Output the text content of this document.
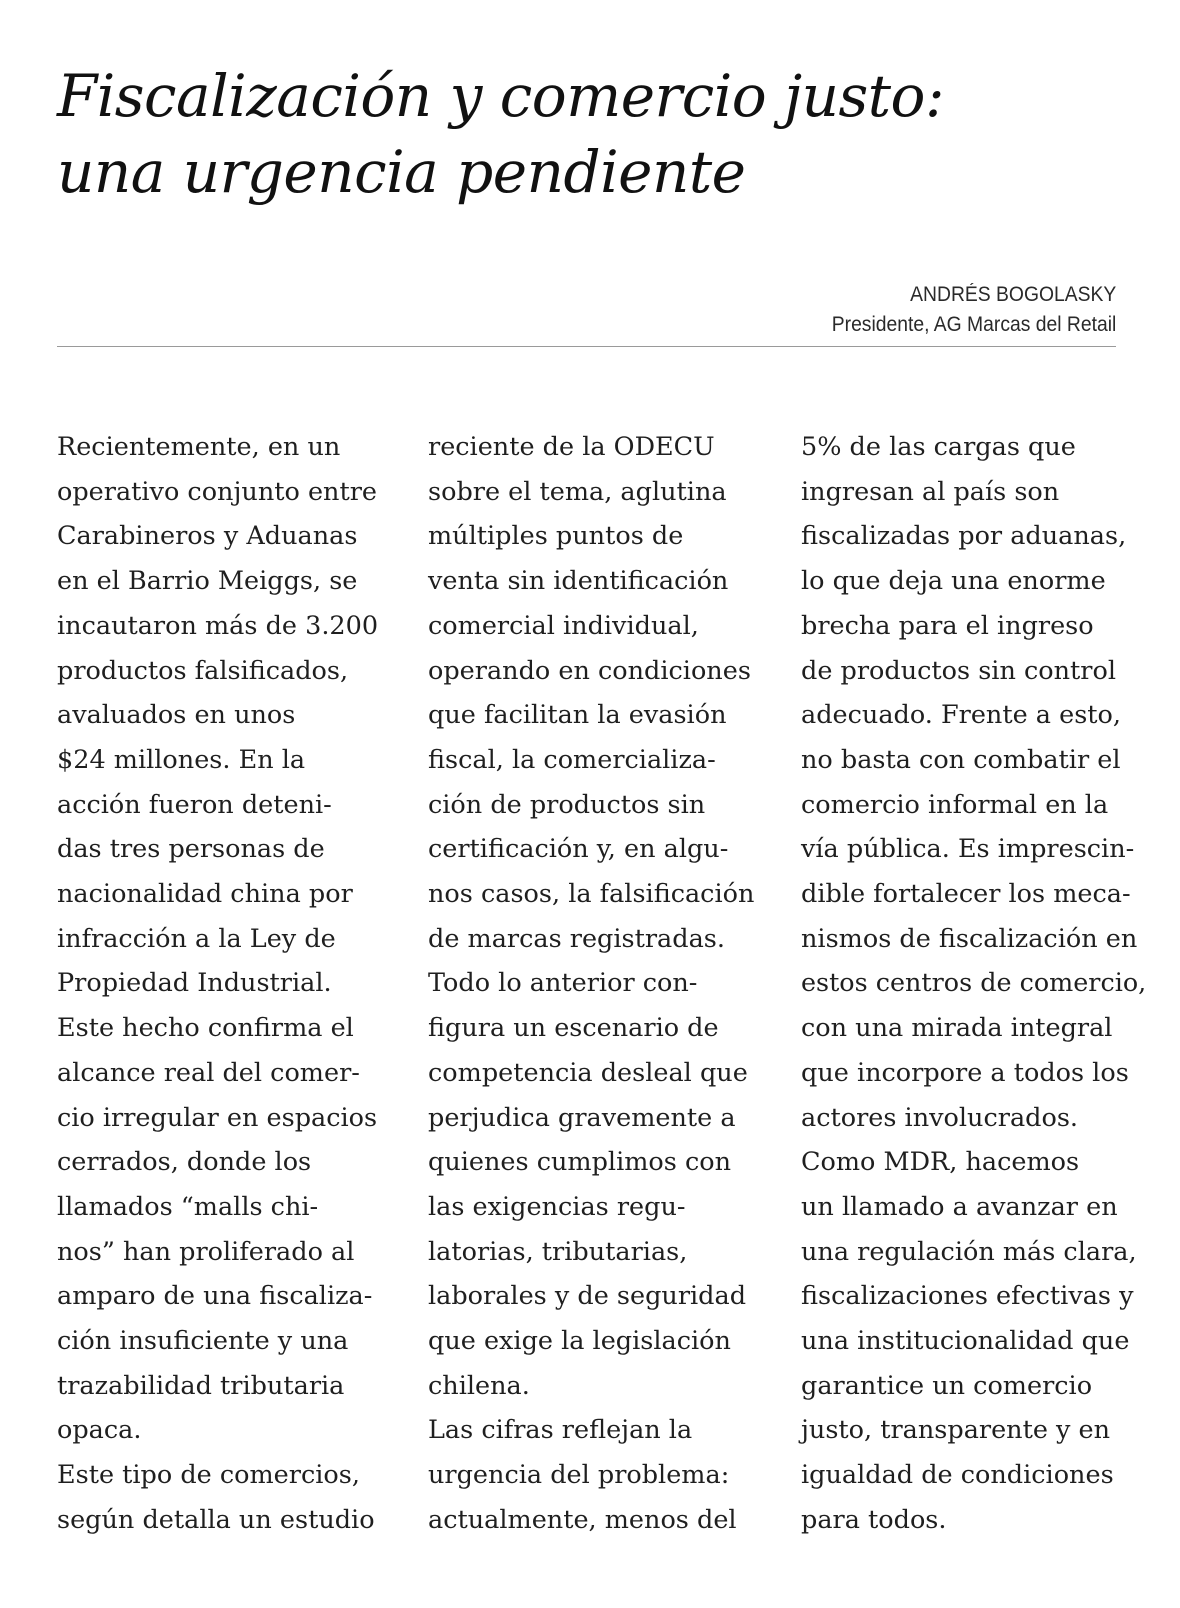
Fiscalización y comercio justo:
una urgencia pendiente
ANDRÉS BOGOLASKY
Presidente, AG Marcas del Retail
Recientemente, en un
operativo conjunto entre
Carabineros y Aduanas
en el Barrio Meiggs, se
incautaron más de 3.200
productos falsificados,
avaluados en unos
$24 millones. En la
acción fueron deteni-
das tres personas de
nacionalidad china por
infracción a la Ley de
Propiedad Industrial.
Este hecho confirma el
alcance real del comer-
cio irregular en espacios
cerrados, donde los
llamados “malls chi-
nos” han proliferado al
amparo de una fiscaliza-
ción insuficiente y una
trazabilidad tributaria
opaca.
Este tipo de comercios,
según detalla un estudio
reciente de la ODECU
sobre el tema, aglutina
múltiples puntos de
venta sin identificación
comercial individual,
operando en condiciones
que facilitan la evasión
fiscal, la comercializa-
ción de productos sin
certificación y, en algu-
nos casos, la falsificación
de marcas registradas.
Todo lo anterior con-
figura un escenario de
competencia desleal que
perjudica gravemente a
quienes cumplimos con
las exigencias regu-
latorias, tributarias,
laborales y de seguridad
que exige la legislación
chilena.
Las cifras reflejan la
urgencia del problema:
actualmente, menos del
5% de las cargas que
ingresan al país son
fiscalizadas por aduanas,
lo que deja una enorme
brecha para el ingreso
de productos sin control
adecuado. Frente a esto,
no basta con combatir el
comercio informal en la
vía pública. Es imprescin-
dible fortalecer los meca-
nismos de fiscalización en
estos centros de comercio,
con una mirada integral
que incorpore a todos los
actores involucrados.
Como MDR, hacemos
un llamado a avanzar en
una regulación más clara,
fiscalizaciones efectivas y
una institucionalidad que
garantice un comercio
justo, transparente y en
igualdad de condiciones
para todos.
